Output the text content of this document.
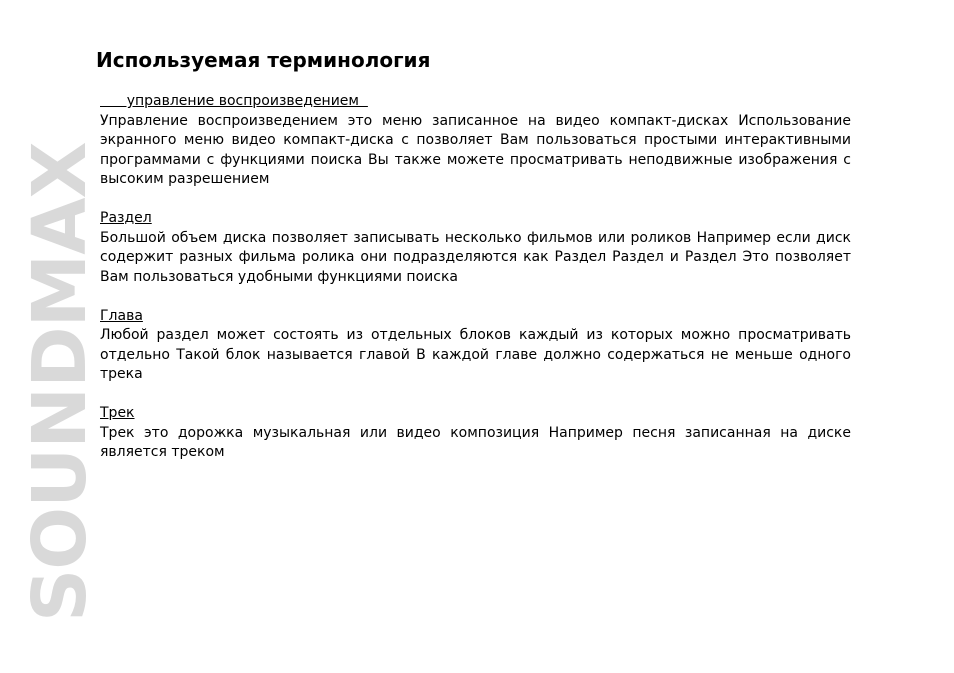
SOUNDMAX
Используемая терминология
управление воспроизведением

Управление воспроизведением это меню записанное на видео компакт-дисках Использование экранного меню видео компакт-диска с позволяет Вам пользоваться простыми интерактивными программами с функциями поиска Вы также можете просматривать неподвижные изображения с высоким разрешением

Раздел

Большой объем диска позволяет записывать несколько фильмов или роликов Например если диск содержит разных фильма ролика они подразделяются как Раздел Раздел и Раздел Это позволяет Вам пользоваться удобными функциями поиска

Глава

Любой раздел может состоять из отдельных блоков каждый из которых можно просматривать отдельно Такой блок называется главой В каждой главе должно содержаться не меньше одного трека

Трек

Трек это дорожка музыкальная или видео композиция Например песня записанная на диске является треком
